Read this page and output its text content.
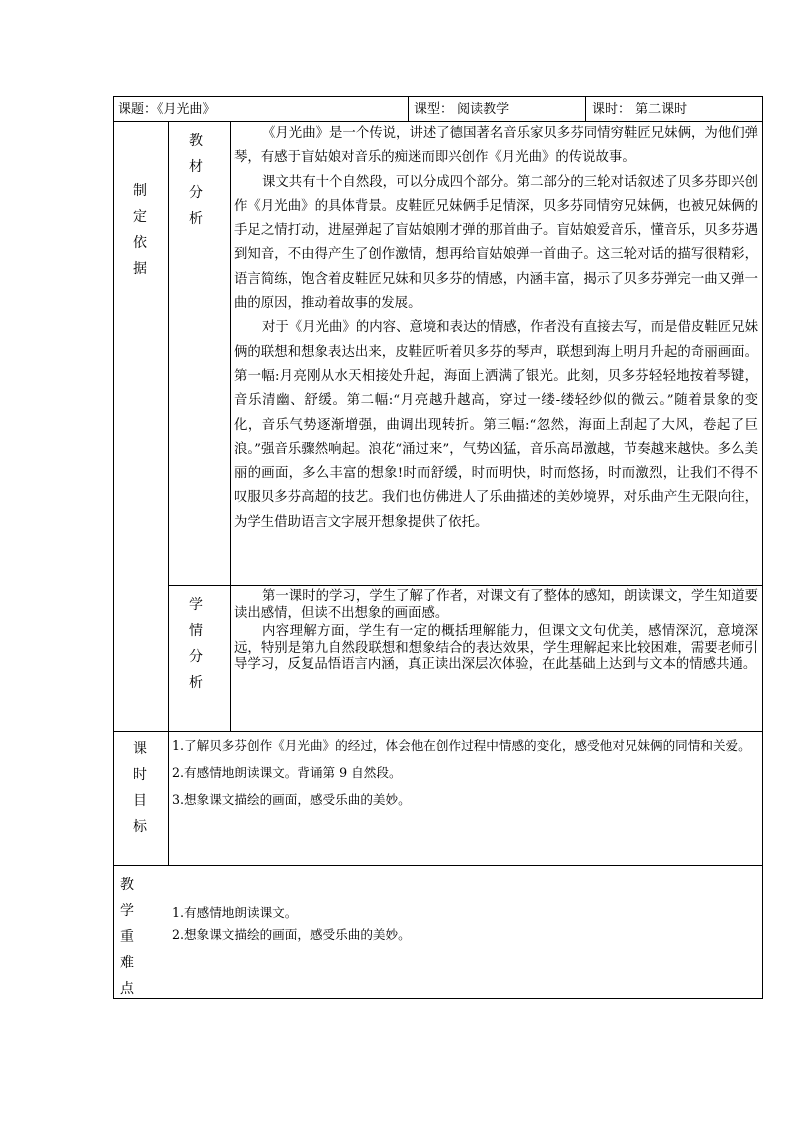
课题：《月光曲》	课型： 阅读教学	课时： 第二课时
制
定
依
据
教
材
分
析

《月光曲》是一个传说，讲述了德国著名音乐家贝多芬同情穷鞋匠兄妹俩，为他们弹琴，有感于盲姑娘对音乐的痴迷而即兴创作《月光曲》的传说故事。

课文共有十个自然段，可以分成四个部分。第二部分的三轮对话叙述了贝多芬即兴创作《月光曲》的具体背景。皮鞋匠兄妹俩手足情深，贝多芬同情穷兄妹俩，也被兄妹俩的手足之情打动，进屋弹起了盲姑娘刚才弹的那首曲子。盲姑娘爱音乐，懂音乐，贝多芬遇到知音，不由得产生了创作激情，想再给盲姑娘弹一首曲子。这三轮对话的描写很精彩，语言简练，饱含着皮鞋匠兄妹和贝多芬的情感，内涵丰富，揭示了贝多芬弹完一曲又弹一曲的原因，推动着故事的发展。

对于《月光曲》的内容、意境和表达的情感，作者没有直接去写，而是借皮鞋匠兄妹俩的联想和想象表达出来，皮鞋匠听着贝多芬的琴声，联想到海上明月升起的奇丽画面。第一幅:月亮刚从水天相接处升起，海面上洒满了银光。此刻，贝多芬轻轻地按着琴键，音乐清幽、舒缓。第二幅:“月亮越升越高，穿过一缕-缕轻纱似的微云。”随着景象的变化，音乐气势逐渐增强，曲调出现转折。第三幅:“忽然，海面上刮起了大风，卷起了巨浪。”强音乐骤然响起。浪花“涌过来”，气势凶猛，音乐高昂激越，节奏越来越快。多么美丽的画面，多么丰富的想象!时而舒缓，时而明快，时而悠扬，时而激烈，让我们不得不叹服贝多芬高超的技艺。我们也仿佛进人了乐曲描述的美妙境界，对乐曲产生无限向往，为学生借助语言文字展开想象提供了依托。

学
情
分
析

第一课时的学习，学生了解了作者，对课文有了整体的感知，朗读课文，学生知道要读出感情，但读不出想象的画面感。

内容理解方面，学生有一定的概括理解能力，但课文文句优美，感情深沉，意境深远，特别是第九自然段联想和想象结合的表达效果，学生理解起来比较困难，需要老师引导学习，反复品悟语言内涵，真正读出深层次体验，在此基础上达到与文本的情感共通。

课
时
目
标

1.了解贝多芬创作《月光曲》的经过，体会他在创作过程中情感的变化，感受他对兄妹俩的同情和关爱。

2.有感情地朗读课文。背诵第 9 自然段。

3.想象课文描绘的画面，感受乐曲的美妙。

教
学
重
难
点

1.有感情地朗读课文。

2.想象课文描绘的画面，感受乐曲的美妙。
